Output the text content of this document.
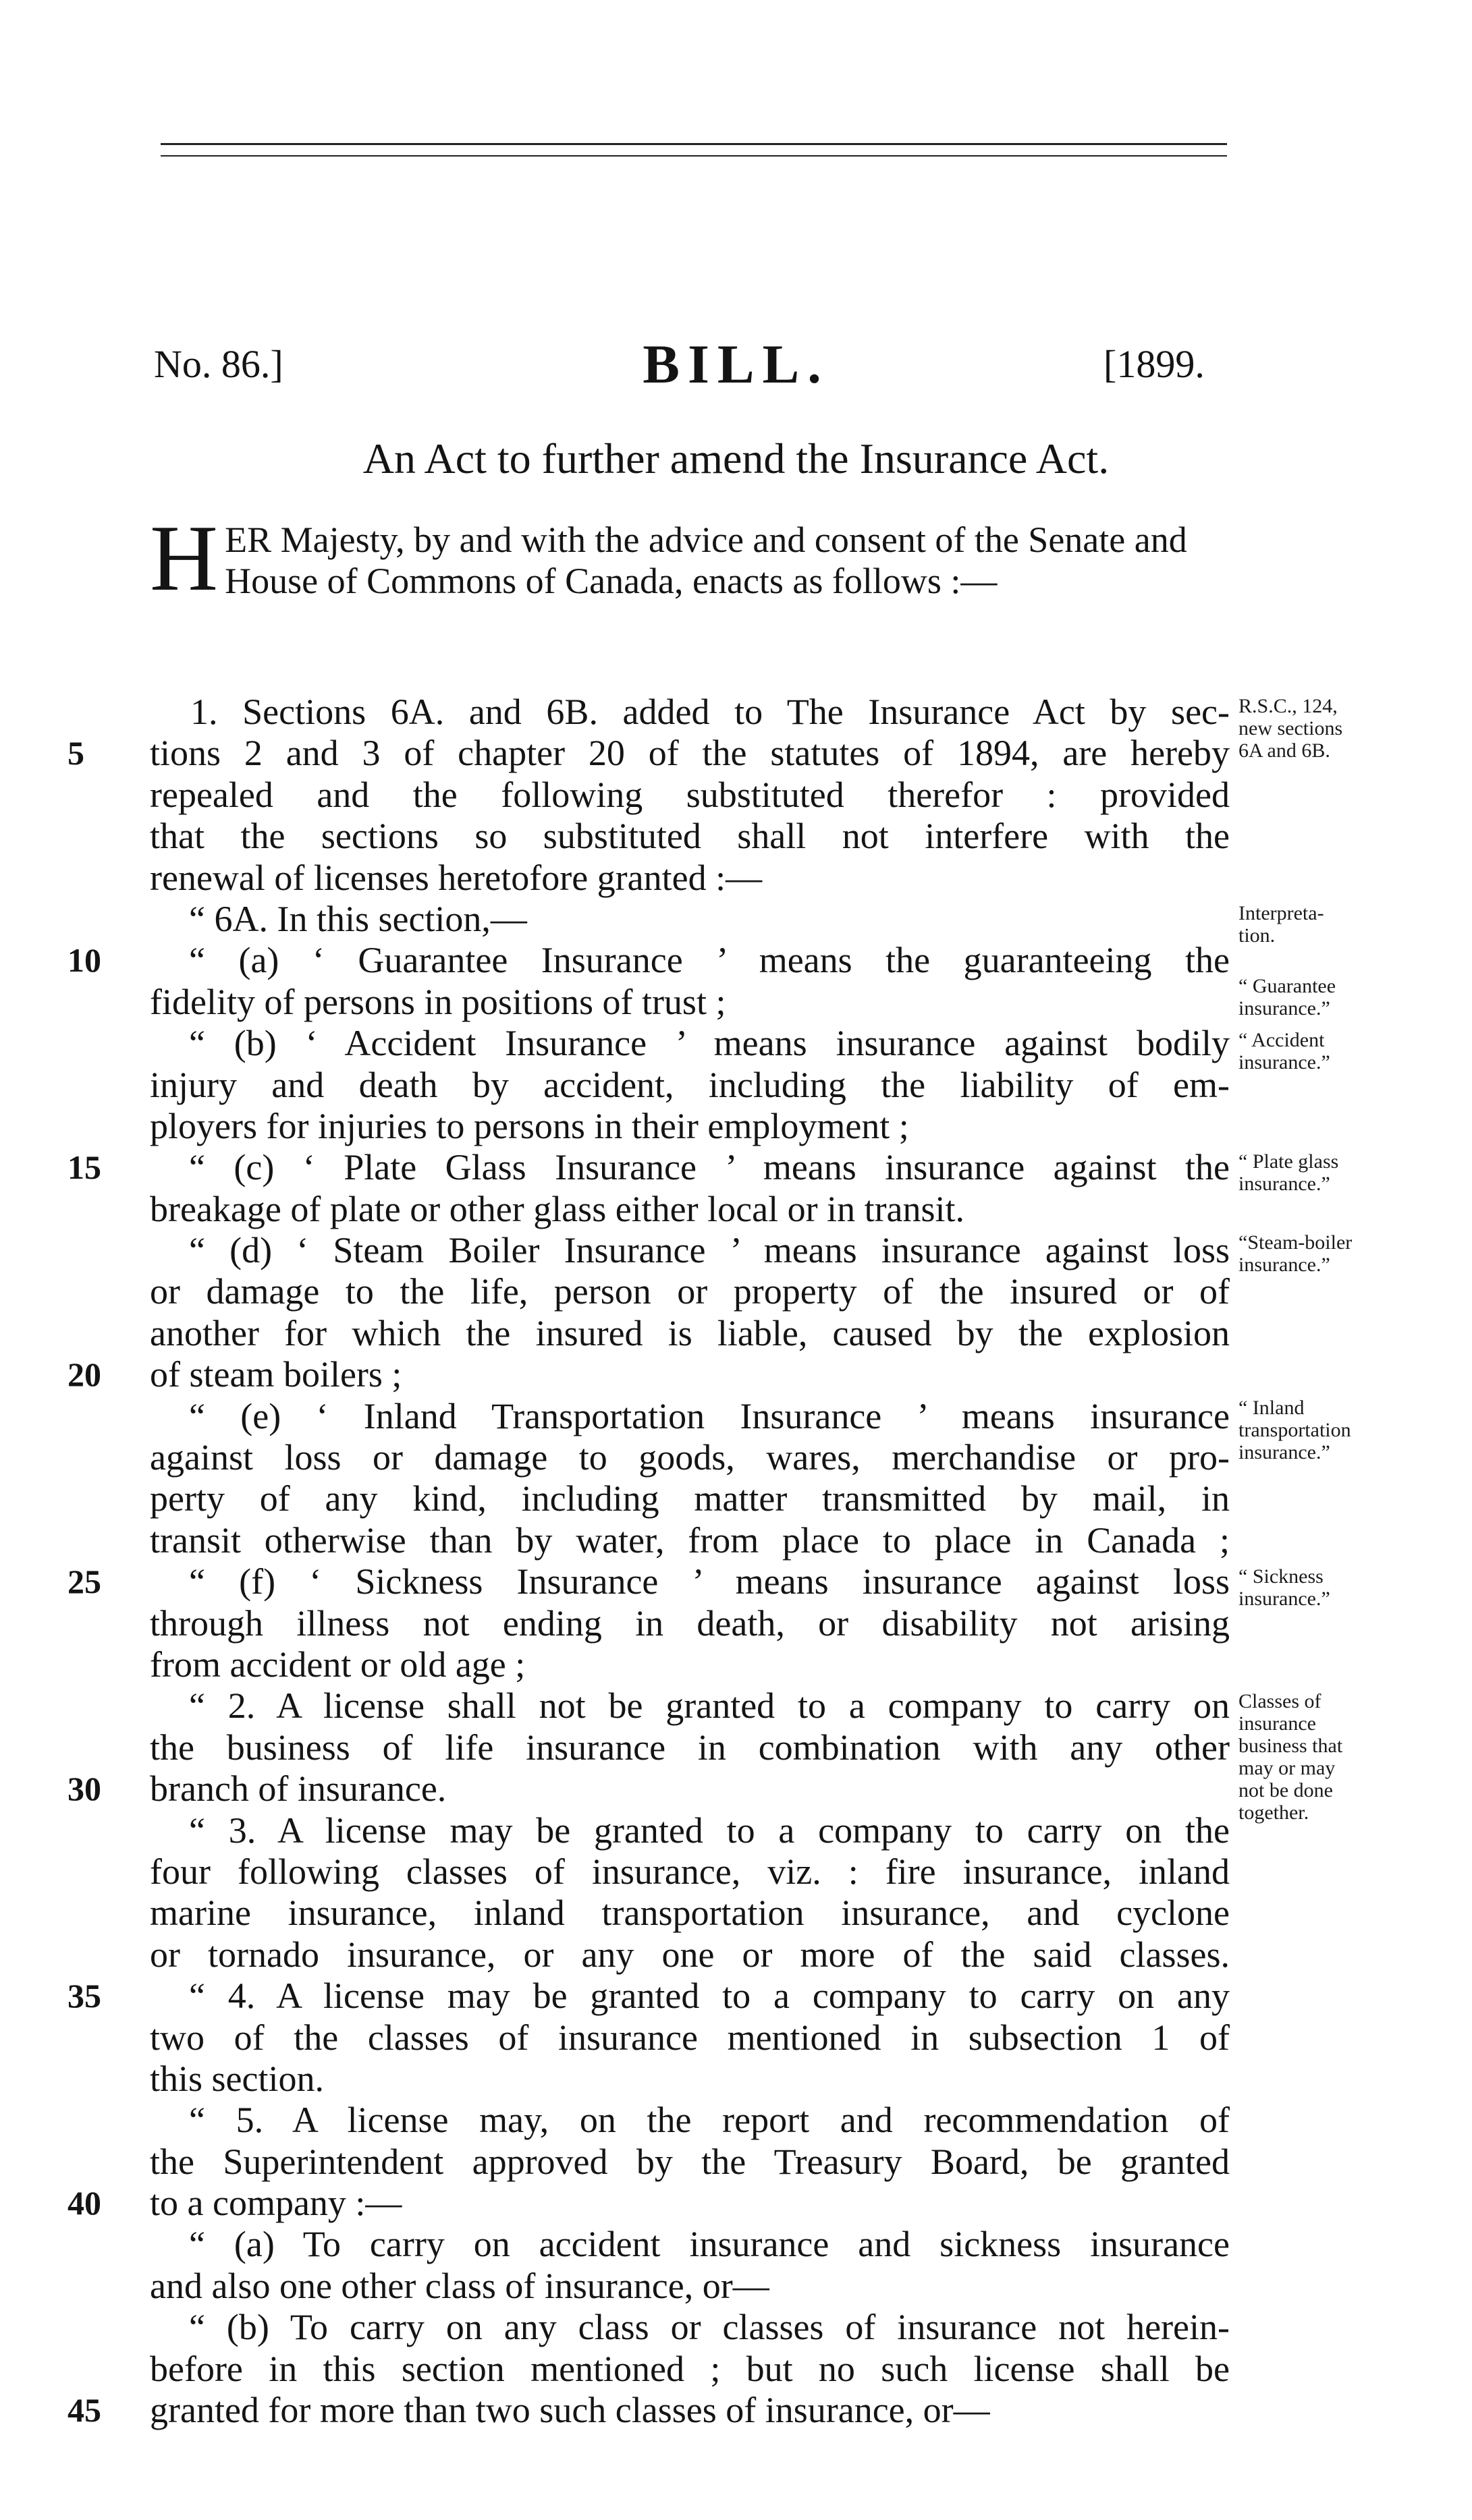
No. 86.]	BILL.	[1899.
An Act to further amend the Insurance Act.
HER Majesty, by and with the advice and consent of the Senate and House of Commons of Canada, enacts as follows :—
1. Sections 6A. and 6B. added to The Insurance Act by sec-
tions 2 and 3 of chapter 20 of the statutes of 1894, are hereby
repealed and the following substituted therefor : provided
that the sections so substituted shall not interfere with the
renewal of licenses heretofore granted :—
“ 6A. In this section,—
“ (a) ‘ Guarantee Insurance ’ means the guaranteeing the
fidelity of persons in positions of trust ;
“ (b) ‘ Accident Insurance ’ means insurance against bodily
injury and death by accident, including the liability of em-
ployers for injuries to persons in their employment ;
“ (c) ‘ Plate Glass Insurance ’ means insurance against the
breakage of plate or other glass either local or in transit.
“ (d) ‘ Steam Boiler Insurance ’ means insurance against loss
or damage to the life, person or property of the insured or of
another for which the insured is liable, caused by the explosion
of steam boilers ;
“ (e) ‘ Inland Transportation Insurance ’ means insurance
against loss or damage to goods, wares, merchandise or pro-
perty of any kind, including matter transmitted by mail, in
transit otherwise than by water, from place to place in Canada ;
“ (f) ‘ Sickness Insurance ’ means insurance against loss
through illness not ending in death, or disability not arising
from accident or old age ;
“ 2. A license shall not be granted to a company to carry on
the business of life insurance in combination with any other
branch of insurance.
“ 3. A license may be granted to a company to carry on the
four following classes of insurance, viz. : fire insurance, inland
marine insurance, inland transportation insurance, and cyclone
or tornado insurance, or any one or more of the said classes.
“ 4. A license may be granted to a company to carry on any
two of the classes of insurance mentioned in subsection 1 of
this section.
“ 5. A license may, on the report and recommendation of
the Superintendent approved by the Treasury Board, be granted
to a company :—
“ (a) To carry on accident insurance and sickness insurance
and also one other class of insurance, or—
“ (b) To carry on any class or classes of insurance not herein-
before in this section mentioned ; but no such license shall be
granted for more than two such classes of insurance, or—
5
10
15
20
25
30
35
40
45
R.S.C., 124,
new sections
6A and 6B.
Interpreta-
tion.
“ Guarantee
insurance.”
“ Accident
insurance.”
“ Plate glass
insurance.”
“Steam-boiler
insurance.”
“ Inland
transportation
insurance.”
“ Sickness
insurance.”
Classes of
insurance
business that
may or may
not be done
together.
